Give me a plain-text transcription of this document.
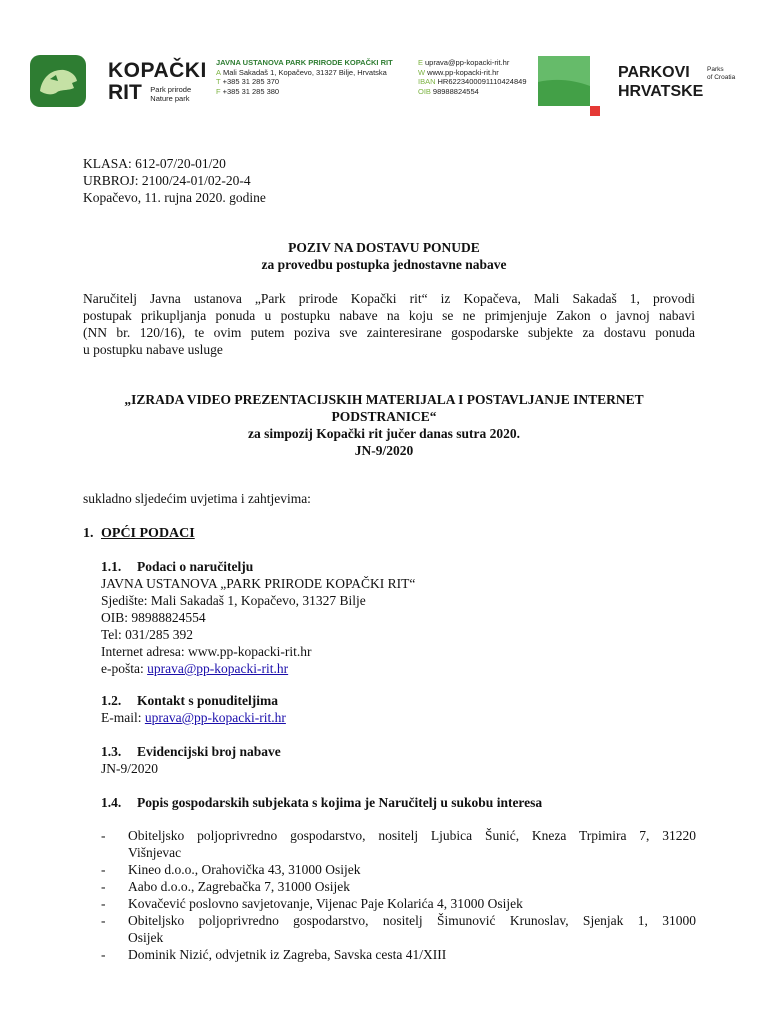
KOPAČKI
RIT Park prirode
Nature park
JAVNA USTANOVA PARK PRIRODE KOPAČKI RIT
A Mali Sakadaš 1, Kopačevo, 31327 Bilje, Hrvatska
T +385 31 285 370
F +385 31 285 380
E uprava@pp-kopacki-rit.hr
W www.pp-kopacki-rit.hr
IBAN HR6223400091110424849
OIB 98988824554
PARKOVI
HRVATSKE
Parks
of Croatia
KLASA: 612-07/20-01/20
URBROJ: 2100/24-01/02-20-4
Kopačevo, 11. rujna 2020. godine
POZIV NA DOSTAVU PONUDE
za provedbu postupka jednostavne nabave
Naručitelj Javna ustanova „Park prirode Kopački rit“ iz Kopačeva, Mali Sakadaš 1, provodi
postupak prikupljanja ponuda u postupku nabave na koju se ne primjenjuje Zakon o javnoj nabavi
(NN br. 120/16), te ovim putem poziva sve zainteresirane gospodarske subjekte za dostavu ponuda
u postupku nabave usluge
„IZRADA VIDEO PREZENTACIJSKIH MATERIJALA I POSTAVLJANJE INTERNET
PODSTRANICE“
za simpozij Kopački rit jučer danas sutra 2020.
JN-9/2020
sukladno sljedećim uvjetima i zahtjevima:
1. OPĆI PODACI
1.1. Podaci o naručitelju
JAVNA USTANOVA „PARK PRIRODE KOPAČKI RIT“
Sjedište: Mali Sakadaš 1, Kopačevo, 31327 Bilje
OIB: 98988824554
Tel: 031/285 392
Internet adresa: www.pp-kopacki-rit.hr
e-pošta: uprava@pp-kopacki-rit.hr
1.2. Kontakt s ponuditeljima
E-mail: uprava@pp-kopacki-rit.hr
1.3. Evidencijski broj nabave
JN-9/2020
1.4. Popis gospodarskih subjekata s kojima je Naručitelj u sukobu interesa
- Obiteljsko poljoprivredno gospodarstvo, nositelj Ljubica Šunić, Kneza Trpimira 7, 31220
Višnjevac
- Kineo d.o.o., Orahovička 43, 31000 Osijek
- Aabo d.o.o., Zagrebačka 7, 31000 Osijek
- Kovačević poslovno savjetovanje, Vijenac Paje Kolarića 4, 31000 Osijek
- Obiteljsko poljoprivredno gospodarstvo, nositelj Šimunović Krunoslav, Sjenjak 1, 31000
Osijek
- Dominik Nizić, odvjetnik iz Zagreba, Savska cesta 41/XIII
